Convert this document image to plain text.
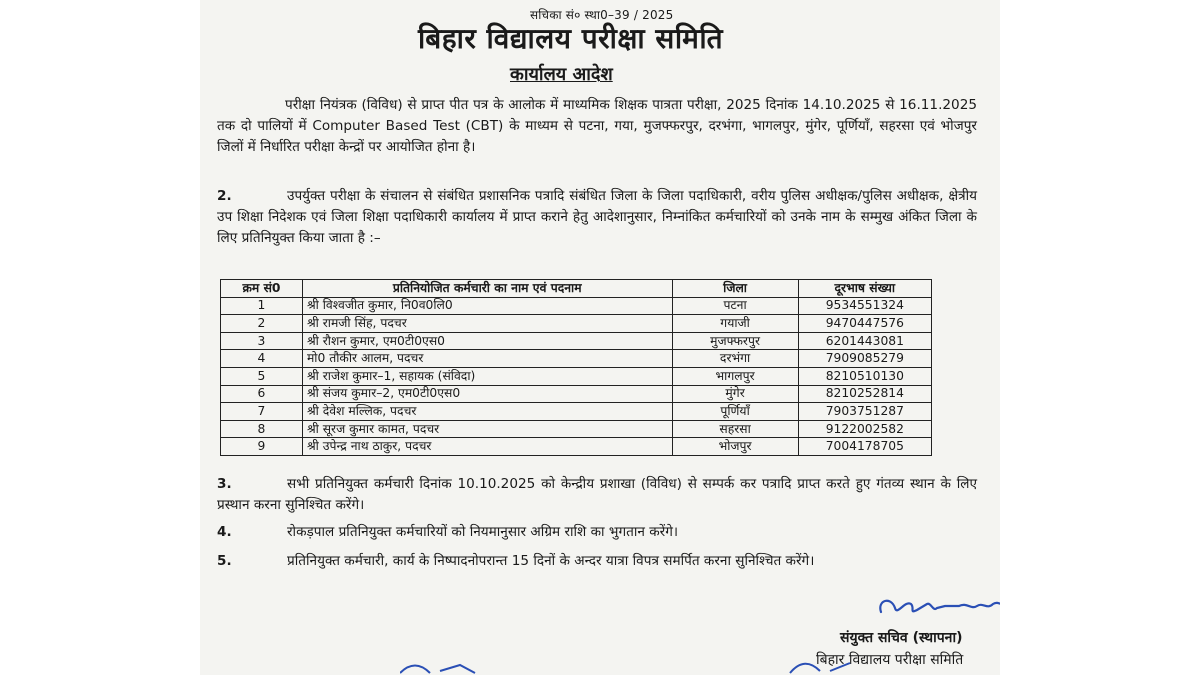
सचिका सं० स्था0–39 / 2025
बिहार विद्यालय परीक्षा समिति
कार्यालय आदेश
परीक्षा नियंत्रक (विविध) से प्राप्त पीत पत्र के आलोक में माध्यमिक शिक्षक पात्रता परीक्षा, 2025 दिनांक 14.10.2025 से 16.11.2025 तक दो पालियों में Computer Based Test (CBT) के माध्यम से पटना, गया, मुजफ्फरपुर, दरभंगा, भागलपुर, मुंगेर, पूर्णियाँ, सहरसा एवं भोजपुर जिलों में निर्धारित परीक्षा केन्द्रों पर आयोजित होना है।
2.	उपर्युक्त परीक्षा के संचालन से संबंधित प्रशासनिक पत्रादि संबंधित जिला के जिला पदाधिकारी, वरीय पुलिस अधीक्षक/पुलिस अधीक्षक, क्षेत्रीय उप शिक्षा निदेशक एवं जिला शिक्षा पदाधिकारी कार्यालय में प्राप्त कराने हेतु आदेशानुसार, निम्नांकित कर्मचारियों को उनके नाम के सम्मुख अंकित जिला के लिए प्रतिनियुक्त किया जाता है :–
क्रम सं0	प्रतिनियोजित कर्मचारी का नाम एवं पदनाम	जिला	दूरभाष संख्या
1	श्री विश्वजीत कुमार, नि0व0लि0	पटना	9534551324
2	श्री रामजी सिंह, पदचर	गयाजी	9470447576
3	श्री रौशन कुमार, एम0टी0एस0	मुजफ्फरपुर	6201443081
4	मो0 तौकीर आलम, पदचर	दरभंगा	7909085279
5	श्री राजेश कुमार–1, सहायक (संविदा)	भागलपुर	8210510130
6	श्री संजय कुमार–2, एम0टी0एस0	मुंगेर	8210252814
7	श्री देवेश मल्लिक, पदचर	पूर्णियाँ	7903751287
8	श्री सूरज कुमार कामत, पदचर	सहरसा	9122002582
9	श्री उपेन्द्र नाथ ठाकुर, पदचर	भोजपुर	7004178705
3.	सभी प्रतिनियुक्त कर्मचारी दिनांक 10.10.2025 को केन्द्रीय प्रशाखा (विविध) से सम्पर्क कर पत्रादि प्राप्त करते हुए गंतव्य स्थान के लिए प्रस्थान करना सुनिश्चित करेंगे।
4.	रोकड़पाल प्रतिनियुक्त कर्मचारियों को नियमानुसार अग्रिम राशि का भुगतान करेंगे।
5.	प्रतिनियुक्त कर्मचारी, कार्य के निष्पादनोपरान्त 15 दिनों के अन्दर यात्रा विपत्र समर्पित करना सुनिश्चित करेंगे।
संयुक्त सचिव (स्थापना)
बिहार विद्यालय परीक्षा समिति
